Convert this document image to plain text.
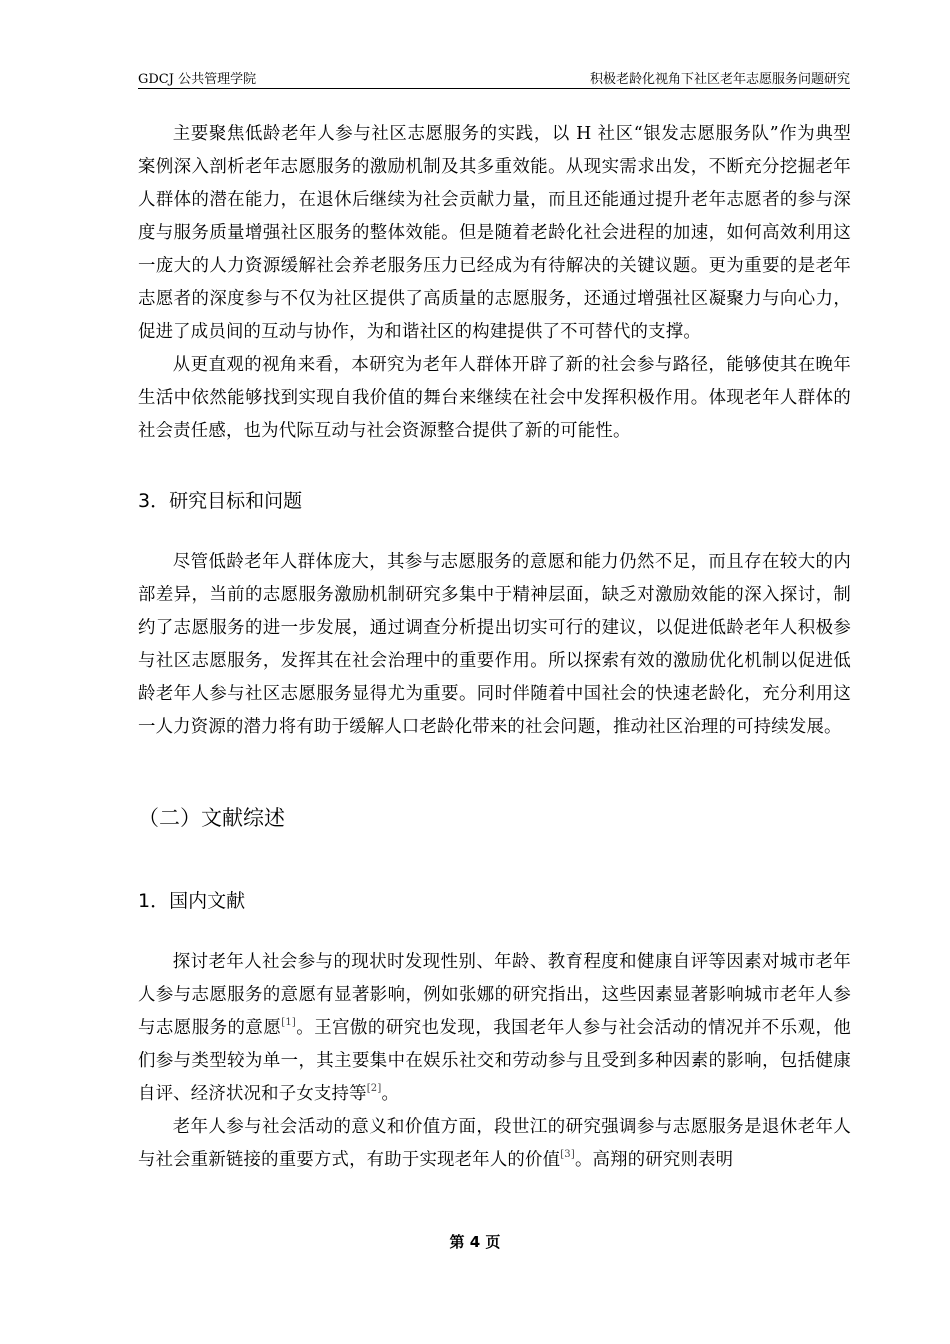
GDCJ 公共管理学院	积极老龄化视角下社区老年志愿服务问题研究

主要聚焦低龄老年人参与社区志愿服务的实践，以 H 社区“银发志愿服务队”作为典型案例深入剖析老年志愿服务的激励机制及其多重效能。从现实需求出发，不断充分挖掘老年人群体的潜在能力，在退休后继续为社会贡献力量，而且还能通过提升老年志愿者的参与深度与服务质量增强社区服务的整体效能。但是随着老龄化社会进程的加速，如何高效利用这一庞大的人力资源缓解社会养老服务压力已经成为有待解决的关键议题。更为重要的是老年志愿者的深度参与不仅为社区提供了高质量的志愿服务，还通过增强社区凝聚力与向心力，促进了成员间的互动与协作，为和谐社区的构建提供了不可替代的支撑。

从更直观的视角来看，本研究为老年人群体开辟了新的社会参与路径，能够使其在晚年生活中依然能够找到实现自我价值的舞台来继续在社会中发挥积极作用。体现老年人群体的社会责任感，也为代际互动与社会资源整合提供了新的可能性。

3．研究目标和问题

尽管低龄老年人群体庞大，其参与志愿服务的意愿和能力仍然不足，而且存在较大的内部差异，当前的志愿服务激励机制研究多集中于精神层面，缺乏对激励效能的深入探讨，制约了志愿服务的进一步发展，通过调查分析提出切实可行的建议，以促进低龄老年人积极参与社区志愿服务，发挥其在社会治理中的重要作用。所以探索有效的激励优化机制以促进低龄老年人参与社区志愿服务显得尤为重要。同时伴随着中国社会的快速老龄化，充分利用这一人力资源的潜力将有助于缓解人口老龄化带来的社会问题，推动社区治理的可持续发展。

（二）文献综述
1．国内文献

探讨老年人社会参与的现状时发现性别、年龄、教育程度和健康自评等因素对城市老年人参与志愿服务的意愿有显著影响，例如张娜的研究指出，这些因素显著影响城市老年人参与志愿服务的意愿[1]。王宫傲的研究也发现，我国老年人参与社会活动的情况并不乐观，他们参与类型较为单一，其主要集中在娱乐社交和劳动参与且受到多种因素的影响，包括健康自评、经济状况和子女支持等[2]。

老年人参与社会活动的意义和价值方面，段世江的研究强调参与志愿服务是退休老年人与社会重新链接的重要方式，有助于实现老年人的价值[3]。高翔的研究则表明

第 4 页
